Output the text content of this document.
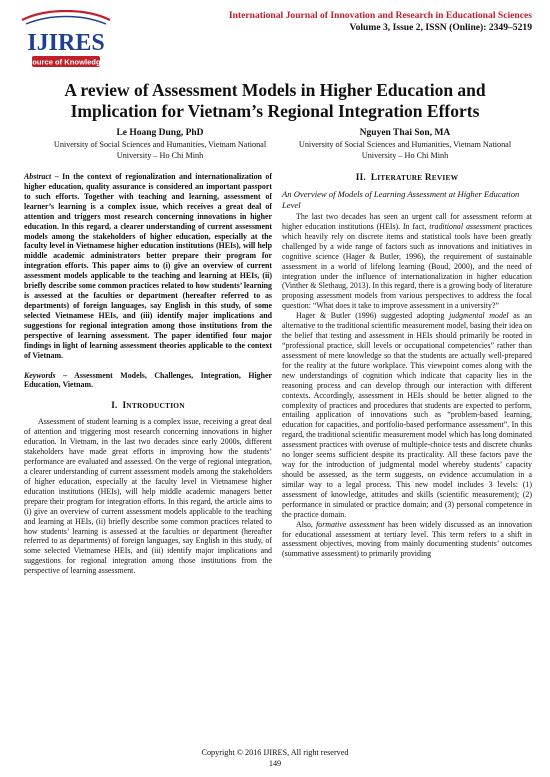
IJIRES
Source of Knowledge
International Journal of Innovation and Research in Educational Sciences
Volume 3, Issue 2, ISSN (Online): 2349–5219
A review of Assessment Models in Higher Education and Implication for Vietnam’s Regional Integration Efforts
Le Hoang Dung, PhD
University of Social Sciences and Humanities, Vietnam National University – Ho Chi Minh
Nguyen Thai Son, MA
University of Social Sciences and Humanities, Vietnam National University – Ho Chi Minh

Abstract – In the context of regionalization and internationalization of higher education, quality assurance is considered an important passport to such efforts. Together with teaching and learning, assessment of learner’s learning is a complex issue, which receives a great deal of attention and triggers most research concerning innovations in higher education. In this regard, a clearer understanding of current assessment models among the stakeholders of higher education, especially at the faculty level in Vietnamese higher education institutions (HEIs), will help middle academic administrators better prepare their program for integration efforts. This paper aims to (i) give an overview of current assessment models applicable to the teaching and learning at HEIs, (ii) briefly describe some common practices related to how students’ learning is assessed at the faculties or department (hereafter referred to as departments) of foreign languages, say English in this study, of some selected Vietnamese HEIs, and (iii) identify major implications and suggestions for regional integration among those institutions from the perspective of learning assessment. The paper identified four major findings in light of learning assessment theories applicable to the context of Vietnam.

Keywords – Assessment Models, Challenges, Integration, Higher Education, Vietnam.

I. INTRODUCTION

Assessment of student learning is a complex issue, receiving a great deal of attention and triggering most research concerning innovations in higher education. In Vietnam, in the last two decades since early 2000s, different stakeholders have made great efforts in improving how the students’ performance are evaluated and assessed. On the verge of regional integration, a clearer understanding of current assessment models among the stakeholders of higher education, especially at the faculty level in Vietnamese higher education institutions (HEIs), will help middle academic managers better prepare their program for integration efforts. In this regard, the article aims to (i) give an overview of current assessment models applicable to the teaching and learning at HEIs, (ii) briefly describe some common practices related to how students’ learning is assessed at the faculties or department (hereafter referred to as departments) of foreign languages, say English in this study, of some selected Vietnamese HEIs, and (iii) identify major implications and suggestions for regional integration among those institutions from the perspective of learning assessment.

II. LITERATURE REVIEW
An Overview of Models of Learning Assessment at Higher Education Level

The last two decades has seen an urgent call for assessment reform at higher education institutions (HEIs). In fact, traditional assessment practices which heavily rely on discrete items and statistical tools have been greatly challenged by a wide range of factors such as innovations and initiatives in cognitive science (Hager & Butler, 1996), the requirement of sustainable assessment in a world of lifelong learning (Boud, 2000), and the need of integration under the influence of internationalization in higher education (Vinther & Slethaug, 2013). In this regard, there is a growing body of literature proposing assessment models from various perspectives to address the focal question: “What does it take to improve assessment in a university?”

Hager & Butler (1996) suggested adopting judgmental model as an alternative to the traditional scientific measurement model, basing their idea on the belief that testing and assessment in HEIs should primarily be rooted in “professional practice, skill levels or occupational competencies” rather than assessment of mere knowledge so that the students are actually well-prepared for the reality at the future workplace. This viewpoint comes along with the new understandings of cognition which indicate that capacity lies in the reasoning process and can develop through our interaction with different contexts. Accordingly, assessment in HEIs should be better aligned to the complexity of practices and procedures that students are expected to perform, entailing application of innovations such as “problem-based learning, education for capacities, and portfolio-based performance assessment”. In this regard, the traditional scientific measurement model which has long dominated assessment practices with overuse of multiple-choice tests and discrete chunks no longer seems sufficient despite its practicality. All these factors pave the way for the introduction of judgmental model whereby students’ capacity should be assessed, as the term suggests, on evidence accumulation in a similar way to a legal process. This new model includes 3 levels: (1) assessment of knowledge, attitudes and skills (scientific measurement); (2) performance in simulated or practice domain; and (3) personal competence in the practice domain.

Also, formative assessment has been widely discussed as an innovation for educational assessment at tertiary level. This term refers to a shift in assessment objectives, moving from mainly documenting students’ outcomes (summative assessment) to primarily providing

Copyright © 2016 IJIRES, All right reserved
149
